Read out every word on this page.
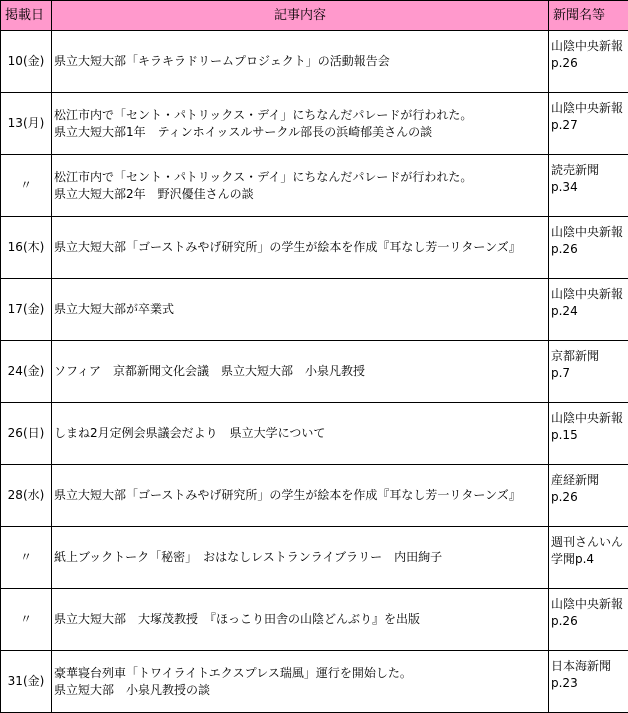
掲載日	記事内容	新聞名等
10(金)	県立大短大部「キラキラドリームプロジェクト」の活動報告会	山陰中央新報
p.26

13(月)	松江市内で「セント・パトリックス・デイ」にちなんだパレードが行われた。
県立大短大部1年　ティンホイッスルサークル部長の浜崎郁美さんの談	山陰中央新報
p.27

〃	松江市内で「セント・パトリックス・デイ」にちなんだパレードが行われた。
県立大短大部2年　野沢優佳さんの談	読売新聞
p.34

16(木)	県立大短大部「ゴーストみやげ研究所」の学生が絵本を作成『耳なし芳一リターンズ』	山陰中央新報
p.26

17(金)	県立大短大部が卒業式	山陰中央新報
p.24

24(金)	ソフィア　京都新聞文化会議　県立大短大部　小泉凡教授	京都新聞
p.7

26(日)	しまね2月定例会県議会だより　県立大学について	山陰中央新報
p.15

28(水)	県立大短大部「ゴーストみやげ研究所」の学生が絵本を作成『耳なし芳一リターンズ』	産経新聞
p.26

〃	紙上ブックトーク「秘密」　おはなしレストランライブラリー　内田絢子	週刊さんいん
学聞p.4

〃	県立大短大部　大塚茂教授　『ほっこり田舎の山陰どんぶり』を出版	山陰中央新報
p.26

31(金)	豪華寝台列車「トワイライトエクスプレス瑞風」運行を開始した。
県立短大部　小泉凡教授の談	日本海新聞
p.23
